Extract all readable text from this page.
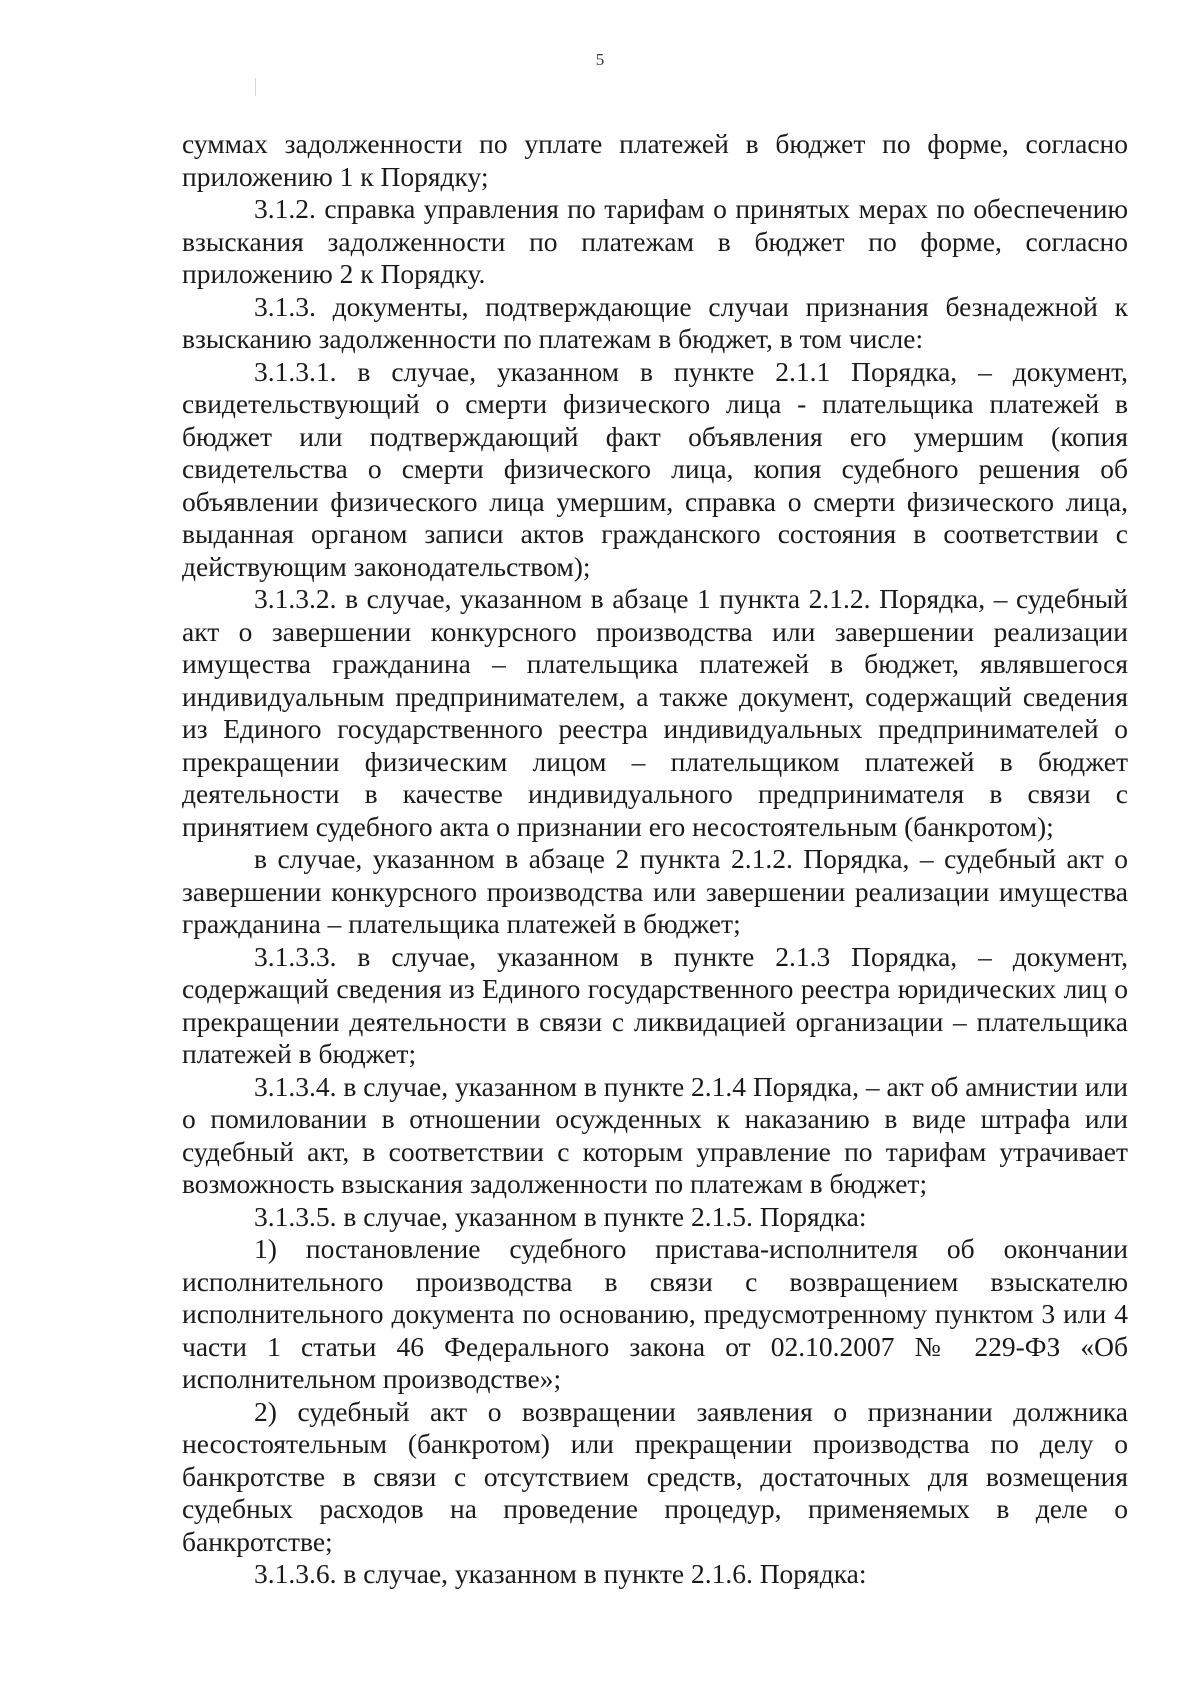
5

суммах задолженности по уплате платежей в бюджет по форме, согласно приложению 1 к Порядку;

3.1.2. справка управления по тарифам о принятых мерах по обеспечению взыскания задолженности по платежам в бюджет по форме, согласно приложению 2 к Порядку.

3.1.3. документы, подтверждающие случаи признания безнадежной к взысканию задолженности по платежам в бюджет, в том числе:

3.1.3.1. в случае, указанном в пункте 2.1.1 Порядка, – документ, свидетельствующий о смерти физического лица - плательщика платежей в бюджет или подтверждающий факт объявления его умершим (копия свидетельства о смерти физического лица, копия судебного решения об объявлении физического лица умершим, справка о смерти физического лица, выданная органом записи актов гражданского состояния в соответствии с действующим законодательством);

3.1.3.2. в случае, указанном в абзаце 1 пункта 2.1.2. Порядка, – судебный акт о завершении конкурсного производства или завершении реализации имущества гражданина – плательщика платежей в бюджет, являвшегося индивидуальным предпринимателем, а также документ, содержащий сведения из Единого государственного реестра индивидуальных предпринимателей о прекращении физическим лицом – плательщиком платежей в бюджет деятельности в качестве индивидуального предпринимателя в связи с принятием судебного акта о признании его несостоятельным (банкротом);

в случае, указанном в абзаце 2 пункта 2.1.2. Порядка, – судебный акт о завершении конкурсного производства или завершении реализации имущества гражданина – плательщика платежей в бюджет;

3.1.3.3. в случае, указанном в пункте 2.1.3 Порядка, – документ, содержащий сведения из Единого государственного реестра юридических лиц о прекращении деятельности в связи с ликвидацией организации – плательщика платежей в бюджет;

3.1.3.4. в случае, указанном в пункте 2.1.4 Порядка, – акт об амнистии или о помиловании в отношении осужденных к наказанию в виде штрафа или судебный акт, в соответствии с которым управление по тарифам утрачивает возможность взыскания задолженности по платежам в бюджет;

3.1.3.5. в случае, указанном в пункте 2.1.5. Порядка:

1) постановление судебного пристава-исполнителя об окончании исполнительного производства в связи с возвращением взыскателю исполнительного документа по основанию, предусмотренному пунктом 3 или 4 части 1 статьи 46 Федерального закона от 02.10.2007 № 229-ФЗ «Об исполнительном производстве»;

2) судебный акт о возвращении заявления о признании должника несостоятельным (банкротом) или прекращении производства по делу о банкротстве в связи с отсутствием средств, достаточных для возмещения судебных расходов на проведение процедур, применяемых в деле о банкротстве;

3.1.3.6. в случае, указанном в пункте 2.1.6. Порядка:
